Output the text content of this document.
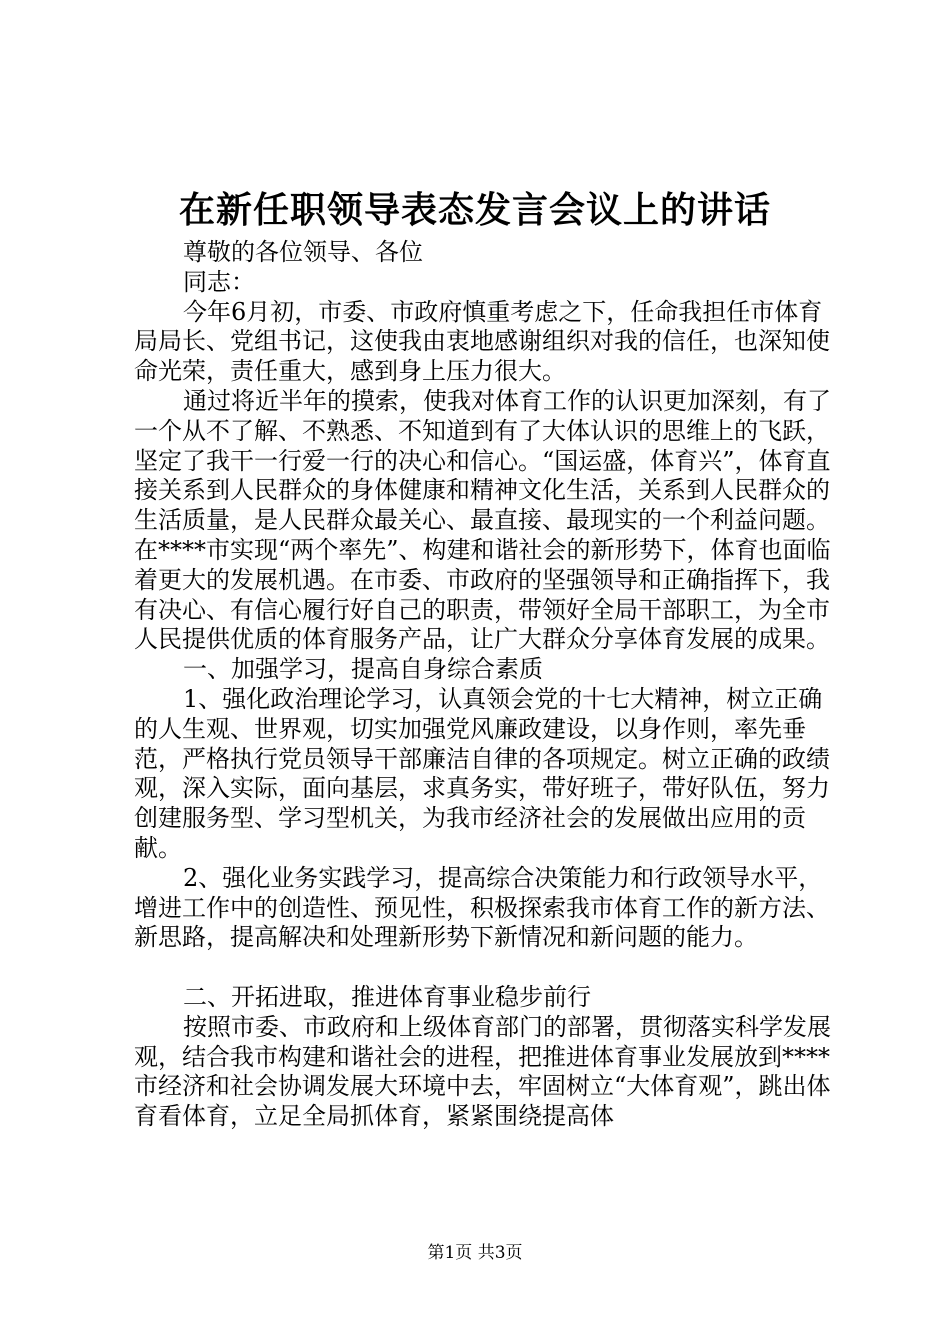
在新任职领导表态发言会议上的讲话

尊敬的各位领导、各位

同志：

今年6月初，市委、市政府慎重考虑之下，任命我担任市体育局局长、党组书记，这使我由衷地感谢组织对我的信任，也深知使命光荣，责任重大，感到身上压力很大。

通过将近半年的摸索，使我对体育工作的认识更加深刻，有了一个从不了解、不熟悉、不知道到有了大体认识的思维上的飞跃，坚定了我干一行爱一行的决心和信心。“国运盛，体育兴”，体育直接关系到人民群众的身体健康和精神文化生活，关系到人民群众的生活质量，是人民群众最关心、最直接、最现实的一个利益问题。在****市实现“两个率先”、构建和谐社会的新形势下，体育也面临着更大的发展机遇。在市委、市政府的坚强领导和正确指挥下，我有决心、有信心履行好自己的职责，带领好全局干部职工，为全市人民提供优质的体育服务产品，让广大群众分享体育发展的成果。

一、加强学习，提高自身综合素质

1、强化政治理论学习，认真领会党的十七大精神，树立正确的人生观、世界观，切实加强党风廉政建设，以身作则，率先垂范，严格执行党员领导干部廉洁自律的各项规定。树立正确的政绩观，深入实际，面向基层，求真务实，带好班子，带好队伍，努力创建服务型、学习型机关，为我市经济社会的发展做出应用的贡献。

2、强化业务实践学习，提高综合决策能力和行政领导水平，增进工作中的创造性、预见性，积极探索我市体育工作的新方法、新思路，提高解决和处理新形势下新情况和新问题的能力。

二、开拓进取，推进体育事业稳步前行

按照市委、市政府和上级体育部门的部署，贯彻落实科学发展观，结合我市构建和谐社会的进程，把推进体育事业发展放到****市经济和社会协调发展大环境中去，牢固树立“大体育观”，跳出体育看体育，立足全局抓体育，紧紧围绕提高体

第1页 共3页
